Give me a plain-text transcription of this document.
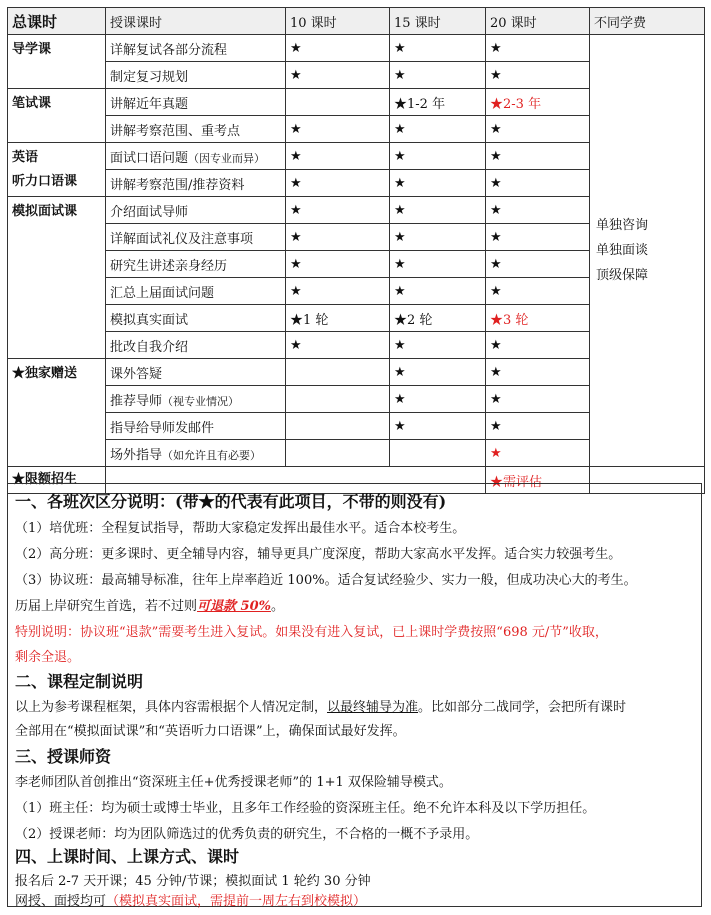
总课时	授课课时	10 课时	15 课时	20 课时	不同学费
导学课	详解复试各部分流程	★	★	★	单独咨询
单独面谈
顶级保障

	制定复习规划	★	★	★	
笔试课	讲解近年真题		★1-2 年	★2-3 年	
	讲解考察范围、重考点	★	★	★	

英语
听力口语课	面试口语问题（因专业而异）	★	★	★	
	讲解考察范围/推荐资料	★	★	★	
模拟面试课	介绍面试导师	★	★	★	
	详解面试礼仪及注意事项	★	★	★	
	研究生讲述亲身经历	★	★	★	
	汇总上届面试问题	★	★	★	
	模拟真实面试	★1 轮	★2 轮	★3 轮	
	批改自我介绍	★	★	★	
★独家赠送	课外答疑		★	★	
	推荐导师（视专业情况）		★	★	
	指导给导师发邮件		★	★	
	场外指导（如允许且有必要）			★	
★限额招生				★需评估	
一、各班次区分说明：(带★的代表有此项目，不带的则没有)
（1）培优班：全程复试指导，帮助大家稳定发挥出最佳水平。适合本校考生。
（2）高分班：更多课时、更全辅导内容，辅导更具广度深度，帮助大家高水平发挥。适合实力较强考生。
（3）协议班：最高辅导标准，往年上岸率趋近 100%。适合复试经验少、实力一般，但成功决心大的考生。
历届上岸研究生首选，若不过则可退款 50%。
特别说明：协议班“退款”需要考生进入复试。如果没有进入复试，已上课时学费按照“698 元/节”收取，
剩余全退。
二、课程定制说明
以上为参考课程框架，具体内容需根据个人情况定制，以最终辅导为准。比如部分二战同学，会把所有课时
全部用在“模拟面试课”和“英语听力口语课”上，确保面试最好发挥。
三、授课师资
李老师团队首创推出“资深班主任+优秀授课老师”的 1+1 双保险辅导模式。
（1）班主任：均为硕士或博士毕业，且多年工作经验的资深班主任。绝不允许本科及以下学历担任。
（2）授课老师：均为团队筛选过的优秀负责的研究生，不合格的一概不予录用。
四、上课时间、上课方式、课时
报名后 2-7 天开课；45 分钟/节课；模拟面试 1 轮约 30 分钟
网授、面授均可（模拟真实面试，需提前一周左右到校模拟）
